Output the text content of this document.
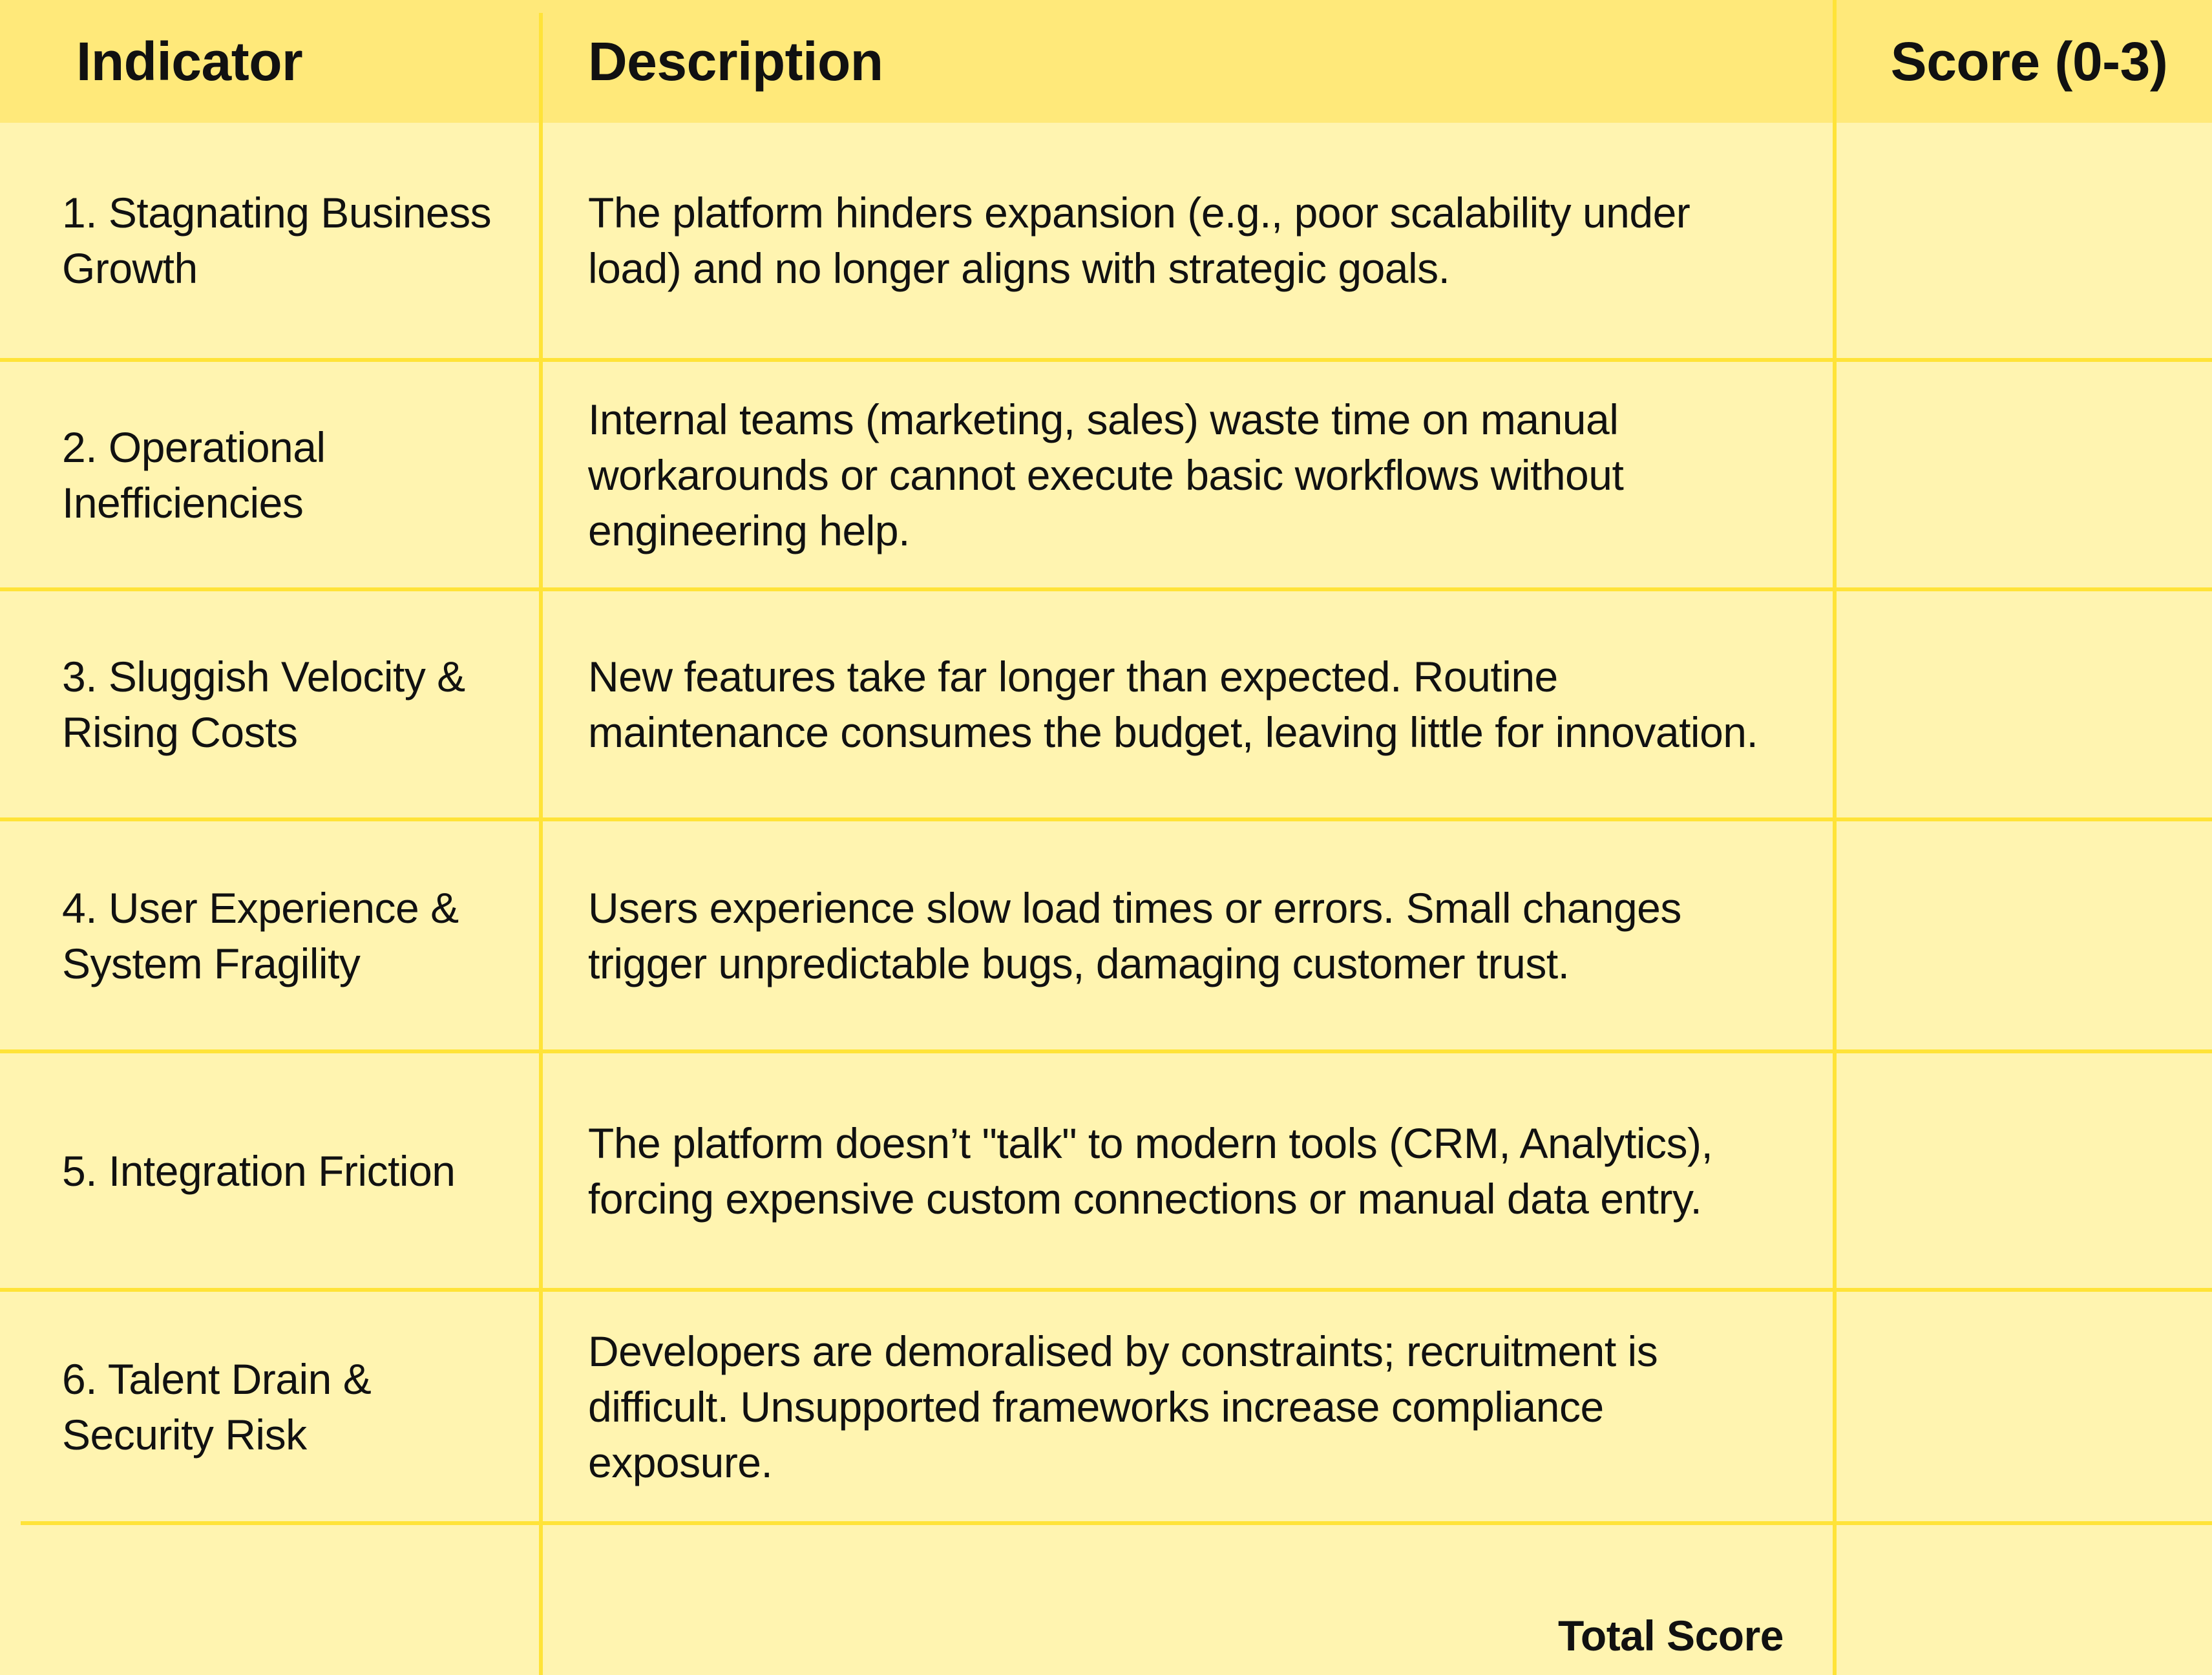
Indicator	Description	Score (0-3)
1. Stagnating Business Growth
The platform hinders expansion (e.g., poor scalability under load) and no longer aligns with strategic goals.
2. Operational Inefficiencies
Internal teams (marketing, sales) waste time on manual workarounds or cannot execute basic workflows without engineering help.
3. Sluggish Velocity & Rising Costs
New features take far longer than expected. Routine maintenance consumes the budget, leaving little for innovation.
4. User Experience & System Fragility
Users experience slow load times or errors. Small changes trigger unpredictable bugs, damaging customer trust.
5. Integration Friction
The platform doesn’t "talk" to modern tools (CRM, Analytics), forcing expensive custom connections or manual data entry.
6. Talent Drain & Security Risk
Developers are demoralised by constraints; recruitment is difficult. Unsupported frameworks increase compliance exposure.
Total Score
